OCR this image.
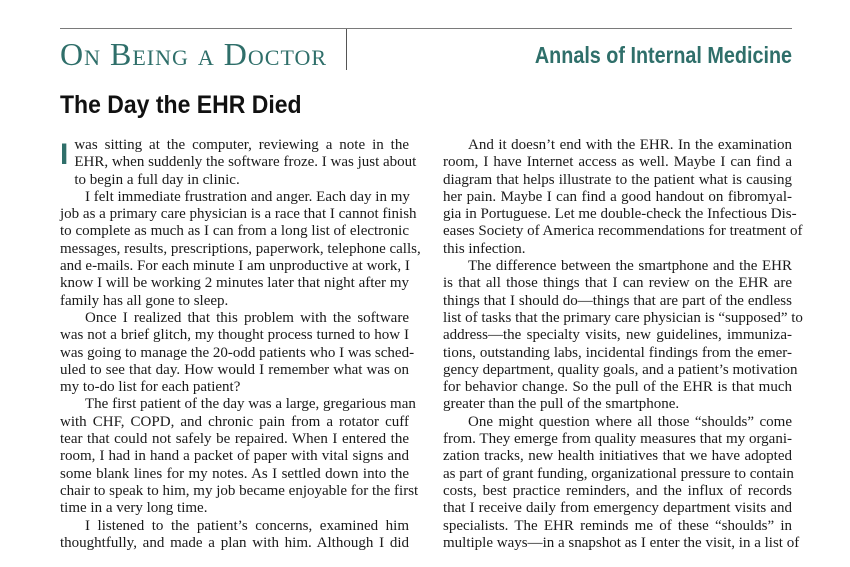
On Being a Doctor	Annals of Internal Medicine
The Day the EHR Died
I was sitting at the computer, reviewing a note in the
EHR, when suddenly the software froze. I was just about
to begin a full day in clinic.
I felt immediate frustration and anger. Each day in my
job as a primary care physician is a race that I cannot finish
to complete as much as I can from a long list of electronic
messages, results, prescriptions, paperwork, telephone calls,
and e-mails. For each minute I am unproductive at work, I
know I will be working 2 minutes later that night after my
family has all gone to sleep.
Once I realized that this problem with the software
was not a brief glitch, my thought process turned to how I
was going to manage the 20-odd patients who I was sched-
uled to see that day. How would I remember what was on
my to-do list for each patient?
The first patient of the day was a large, gregarious man
with CHF, COPD, and chronic pain from a rotator cuff
tear that could not safely be repaired. When I entered the
room, I had in hand a packet of paper with vital signs and
some blank lines for my notes. As I settled down into the
chair to speak to him, my job became enjoyable for the first
time in a very long time.
I listened to the patient’s concerns, examined him
thoughtfully, and made a plan with him. Although I did
And it doesn’t end with the EHR. In the examination
room, I have Internet access as well. Maybe I can find a
diagram that helps illustrate to the patient what is causing
her pain. Maybe I can find a good handout on fibromyal-
gia in Portuguese. Let me double-check the Infectious Dis-
eases Society of America recommendations for treatment of
this infection.
The difference between the smartphone and the EHR
is that all those things that I can review on the EHR are
things that I should do—things that are part of the endless
list of tasks that the primary care physician is “supposed” to
address—the specialty visits, new guidelines, immuniza-
tions, outstanding labs, incidental findings from the emer-
gency department, quality goals, and a patient’s motivation
for behavior change. So the pull of the EHR is that much
greater than the pull of the smartphone.
One might question where all those “shoulds” come
from. They emerge from quality measures that my organi-
zation tracks, new health initiatives that we have adopted
as part of grant funding, organizational pressure to contain
costs, best practice reminders, and the influx of records
that I receive daily from emergency department visits and
specialists. The EHR reminds me of these “shoulds” in
multiple ways—in a snapshot as I enter the visit, in a list of
